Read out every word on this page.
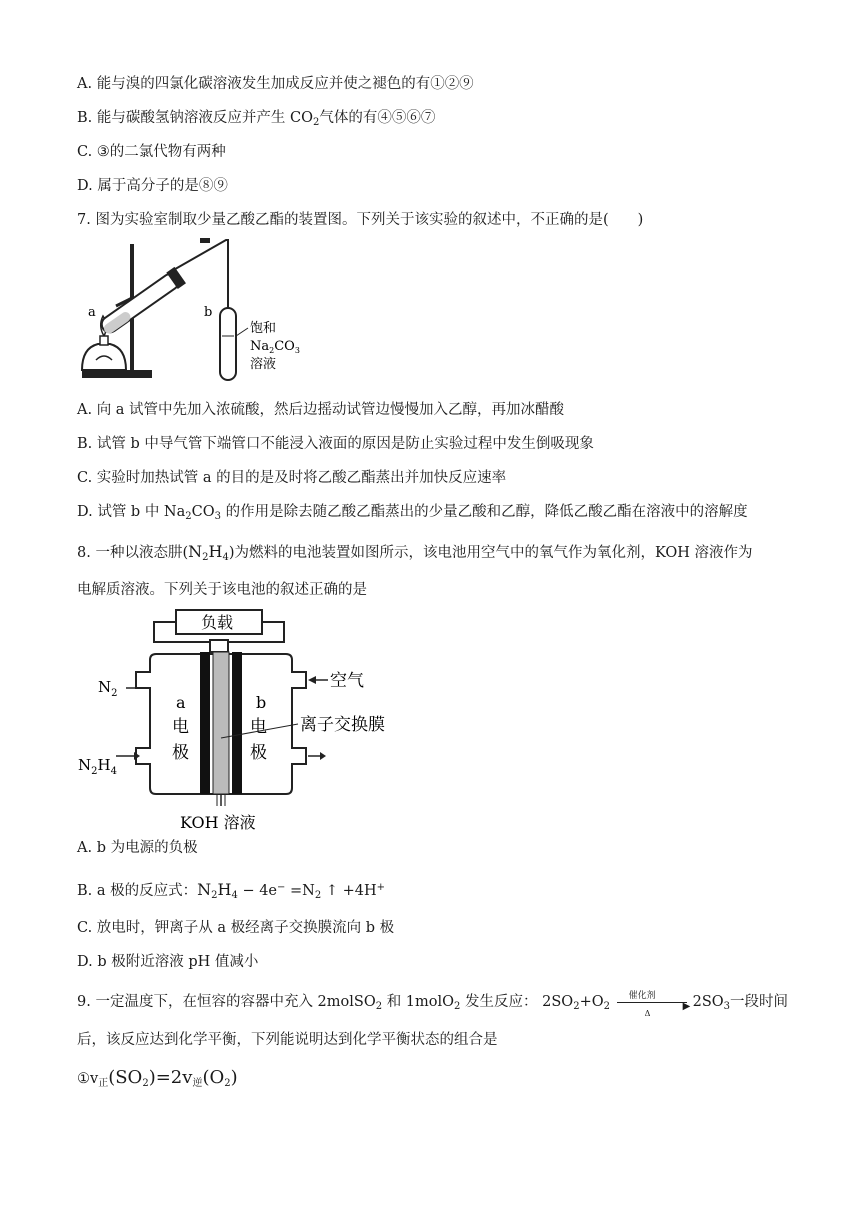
A. 能与溴的四氯化碳溶液发生加成反应并使之褪色的有①②⑨
B. 能与碳酸氢钠溶液反应并产生 $CO_2$气体的有④⑤⑥⑦
C. ③的二氯代物有两种
D. 属于高分子的是⑧⑨
7. 图为实验室制取少量乙酸乙酯的装置图。下列关于该实验的叙述中，不正确的是(　　)
a	b
饱和
$Na_2CO_3$
溶液
A. 向 a 试管中先加入浓硫酸，然后边摇动试管边慢慢加入乙醇，再加冰醋酸
B. 试管 b 中导气管下端管口不能浸入液面的原因是防止实验过程中发生倒吸现象
C. 实验时加热试管 a 的目的是及时将乙酸乙酯蒸出并加快反应速率
D. 试管 b 中 $Na_2CO_3$ 的作用是除去随乙酸乙酯蒸出的少量乙酸和乙醇，降低乙酸乙酯在溶液中的溶解度
8. 一种以液态肼$(N_2H_4)$为燃料的电池装置如图所示，该电池用空气中的氧气作为氧化剂，KOH 溶液作为
电解质溶液。下列关于该电池的叙述正确的是
负载
$N_2$
空气
$N_2H_4$
a
电
极
b
电
极
离子交换膜
KOH 溶液
A. b 为电源的负极
B. a 极的反应式：$N_2H_4 - 4e^- =N_2$ ↑ +4H+
C. 放电时，钾离子从 a 极经离子交换膜流向 b 极
D. b 极附近溶液 pH 值减小
9. 一定温度下，在恒容的容器中充入 2molSO$_2$ 和 1molO$_2$ 发生反应： $2SO_2+O_2$
催化剂
▶
Δ
$2SO_3$一段时间
后，该反应达到化学平衡，下列能说明达到化学平衡状态的组合是
$①v_正(SO_2)=2v_逆(O_2)$
